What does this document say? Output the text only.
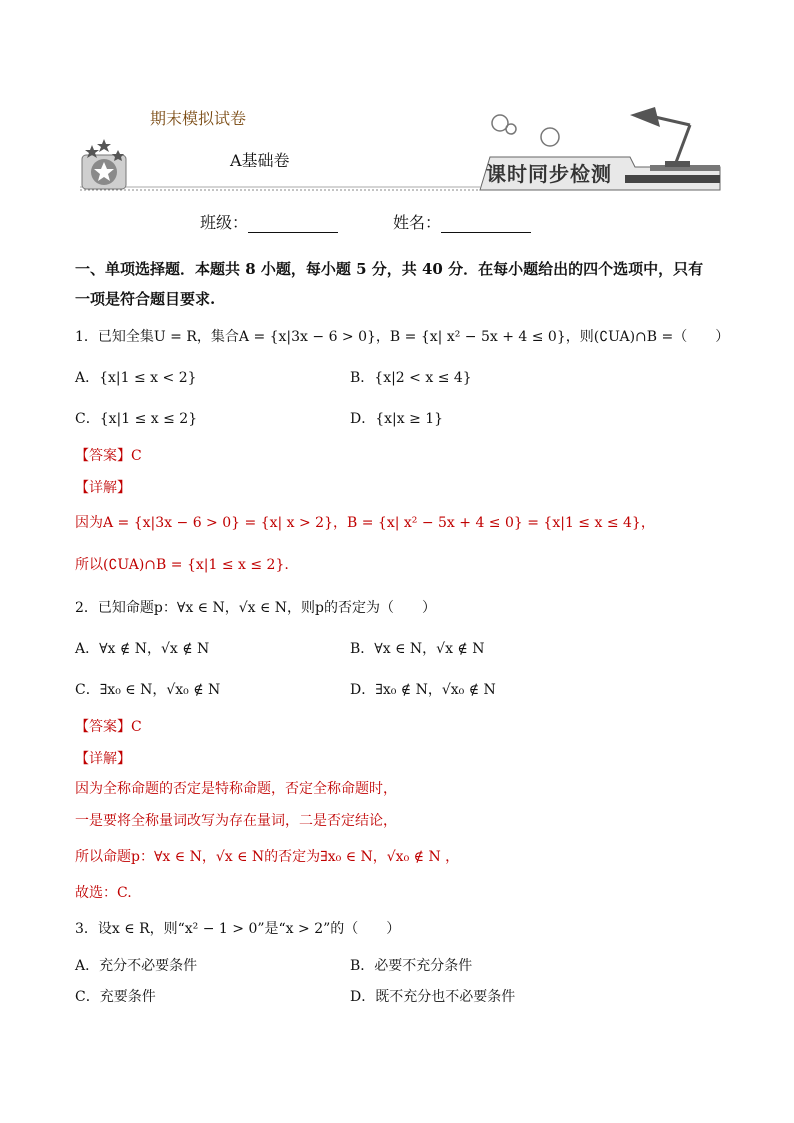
期末模拟试卷
A基础卷
课时同步检测
班级：	姓名：
一、单项选择题．本题共 8 小题，每小题 5 分，共 40 分．在每小题给出的四个选项中，只有
一项是符合题目要求.
1．已知全集U = R，集合A = {x|3x − 6 > 0}，B = {x| x² − 5x + 4 ≤ 0}，则(∁UA)∩B =（　　）
A．{x|1 ≤ x < 2}	B．{x|2 < x ≤ 4}
C．{x|1 ≤ x ≤ 2}	D．{x|x ≥ 1}
【答案】C
【详解】
因为A = {x|3x − 6 > 0} = {x| x > 2}，B = {x| x² − 5x + 4 ≤ 0} = {x|1 ≤ x ≤ 4}，
所以(∁UA)∩B = {x|1 ≤ x ≤ 2}.
2．已知命题p：∀x ∈ N，√x ∈ N，则p的否定为（　　）
A．∀x ∉ N，√x ∉ N	B．∀x ∈ N，√x ∉ N
C．∃x₀ ∈ N，√x₀ ∉ N	D．∃x₀ ∉ N，√x₀ ∉ N
【答案】C
【详解】
因为全称命题的否定是特称命题，否定全称命题时，
一是要将全称量词改写为存在量词，二是否定结论，
所以命题p：∀x ∈ N，√x ∈ N的否定为∃x₀ ∈ N，√x₀ ∉ N ，
故选：C.
3．设x ∈ R，则“x² − 1 > 0”是“x > 2”的（　　）
A．充分不必要条件	B．必要不充分条件
C．充要条件	D．既不充分也不必要条件
